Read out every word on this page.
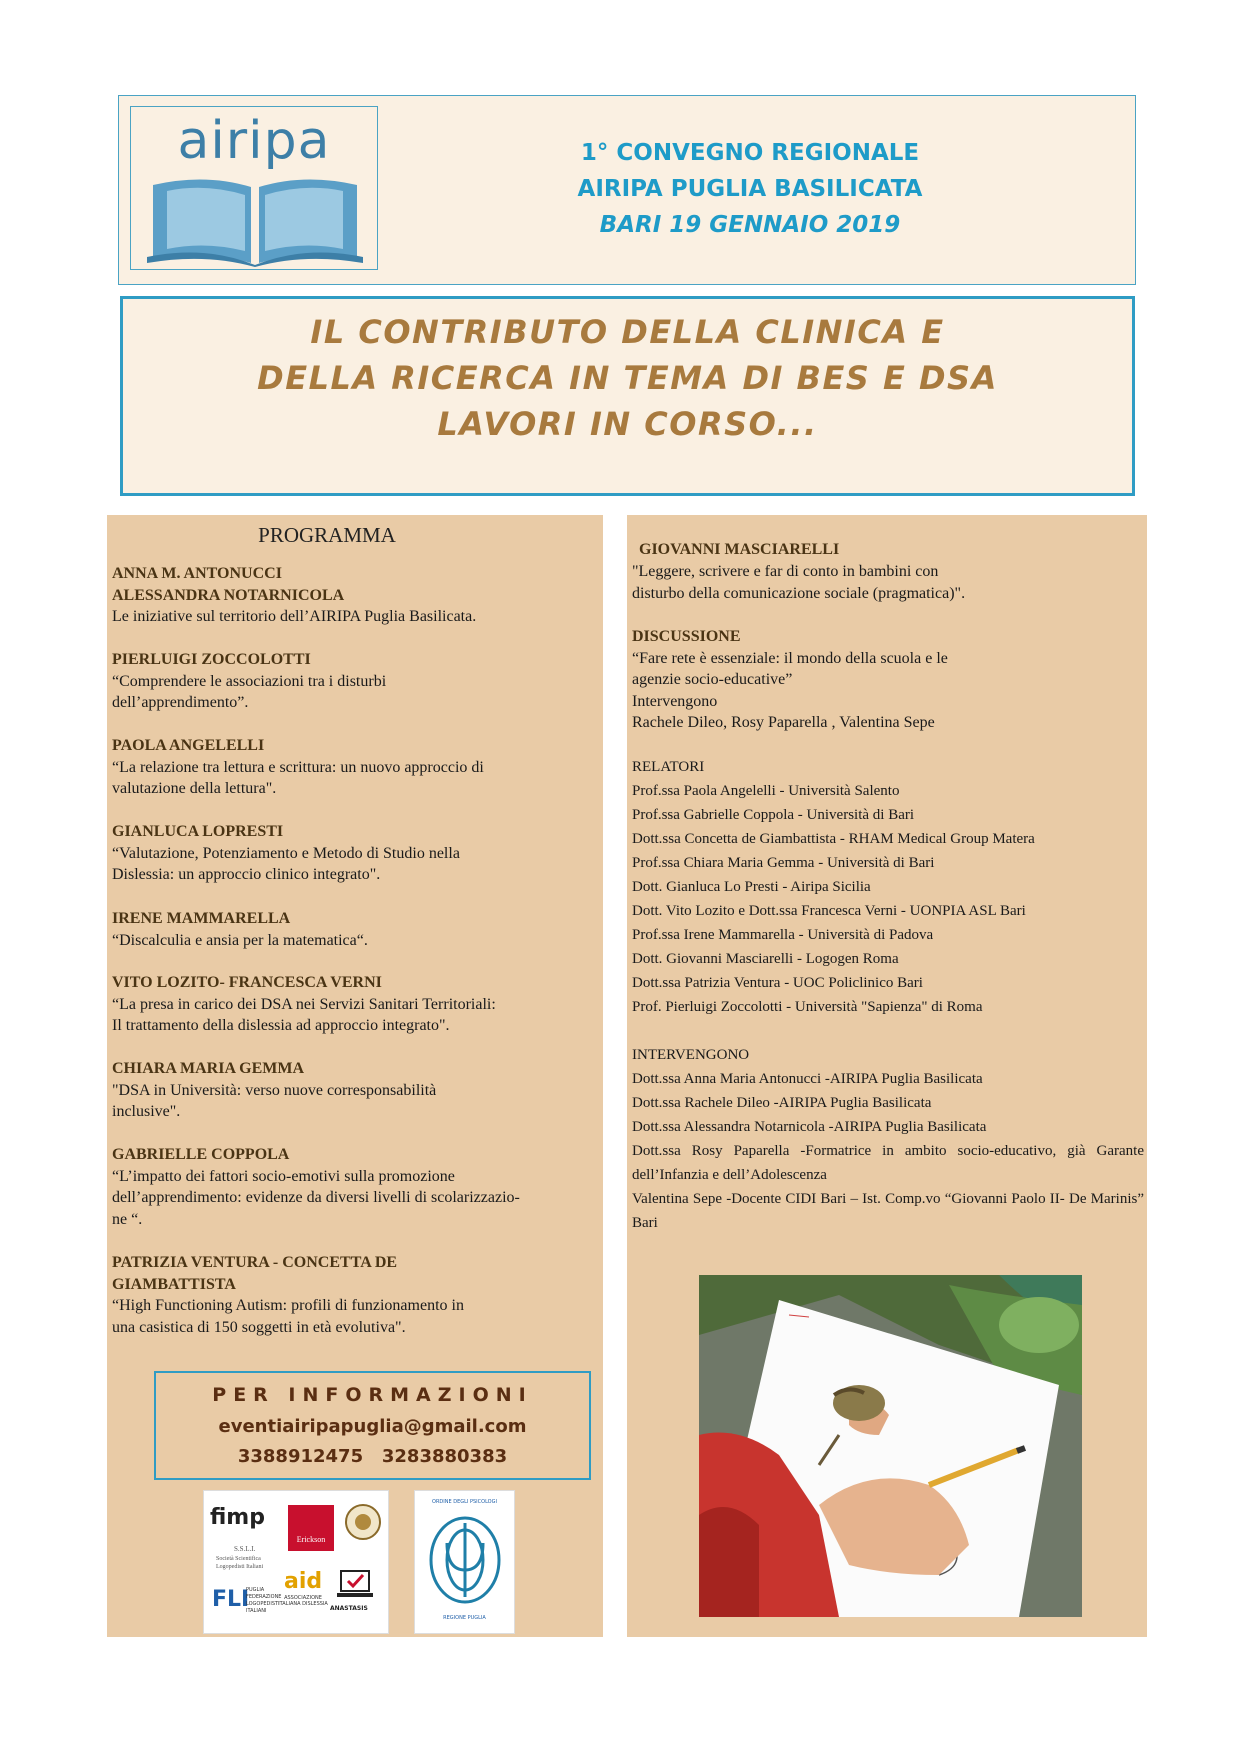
airipa	1° CONVEGNO REGIONALE
AIRIPA PUGLIA BASILICATA
BARI 19 GENNAIO 2019
IL CONTRIBUTO DELLA CLINICA E
DELLA RICERCA IN TEMA DI BES E DSA
LAVORI IN CORSO...
PROGRAMMA
ANNA M. ANTONUCCI
ALESSANDRA NOTARNICOLA
Le iniziative sul territorio dell’AIRIPA Puglia Basilicata.
PIERLUIGI ZOCCOLOTTI
“Comprendere le associazioni tra i disturbi
dell’apprendimento”.
PAOLA ANGELELLI
“La relazione tra lettura e scrittura: un nuovo approccio di
valutazione della lettura".
GIANLUCA LOPRESTI
“Valutazione, Potenziamento e Metodo di Studio nella
Dislessia: un approccio clinico integrato".
IRENE MAMMARELLA
“Discalculia e ansia per la matematica“.
VITO LOZITO- FRANCESCA VERNI
“La presa in carico dei DSA nei Servizi Sanitari Territoriali:
Il trattamento della dislessia ad approccio integrato".
CHIARA MARIA GEMMA
"DSA in Università: verso nuove corresponsabilità
inclusive".
GABRIELLE COPPOLA
“L’impatto dei fattori socio-emotivi sulla promozione
dell’apprendimento: evidenze da diversi livelli di scolarizzazio-
ne “.
PATRIZIA VENTURA - CONCETTA DE
GIAMBATTISTA
“High Functioning Autism: profili di funzionamento in
una casistica di 150 soggetti in età evolutiva".
PER INFORMAZIONI
eventiairipapuglia@gmail.com
3388912475   3283880383
fimp
Erickson
S.S.L.I.
Società Scientifica Logopedisti Italiani
FLI
PUGLIA FEDERAZIONE LOGOPEDISTI ITALIANI
aid
ASSOCIAZIONE ITALIANA DISLESSIA
ANASTASIS
ORDINE DEGLI PSICOLOGI
REGIONE PUGLIA
GIOVANNI MASCIARELLI
"Leggere, scrivere e far di conto in bambini con
disturbo della comunicazione sociale (pragmatica)".
DISCUSSIONE
“Fare rete è essenziale: il mondo della scuola e le
agenzie socio-educative”
Intervengono
Rachele Dileo, Rosy Paparella , Valentina Sepe
RELATORI
Prof.ssa Paola Angelelli - Università Salento
Prof.ssa Gabrielle Coppola - Università di Bari
Dott.ssa Concetta de Giambattista - RHAM Medical Group Matera
Prof.ssa Chiara Maria Gemma - Università di Bari
Dott. Gianluca Lo Presti - Airipa Sicilia
Dott. Vito Lozito e Dott.ssa Francesca Verni - UONPIA ASL Bari
Prof.ssa Irene Mammarella - Università di Padova
Dott. Giovanni Masciarelli - Logogen Roma
Dott.ssa Patrizia Ventura - UOC Policlinico Bari
Prof. Pierluigi Zoccolotti - Università "Sapienza" di Roma
INTERVENGONO
Dott.ssa Anna Maria Antonucci -AIRIPA Puglia Basilicata
Dott.ssa Rachele Dileo -AIRIPA Puglia Basilicata
Dott.ssa Alessandra Notarnicola -AIRIPA Puglia Basilicata
Dott.ssa Rosy Paparella -Formatrice in ambito socio-educativo, già Garante dell’Infanzia e dell’Adolescenza
Valentina Sepe -Docente CIDI Bari – Ist. Comp.vo “Giovanni Paolo II- De Marinis” Bari
